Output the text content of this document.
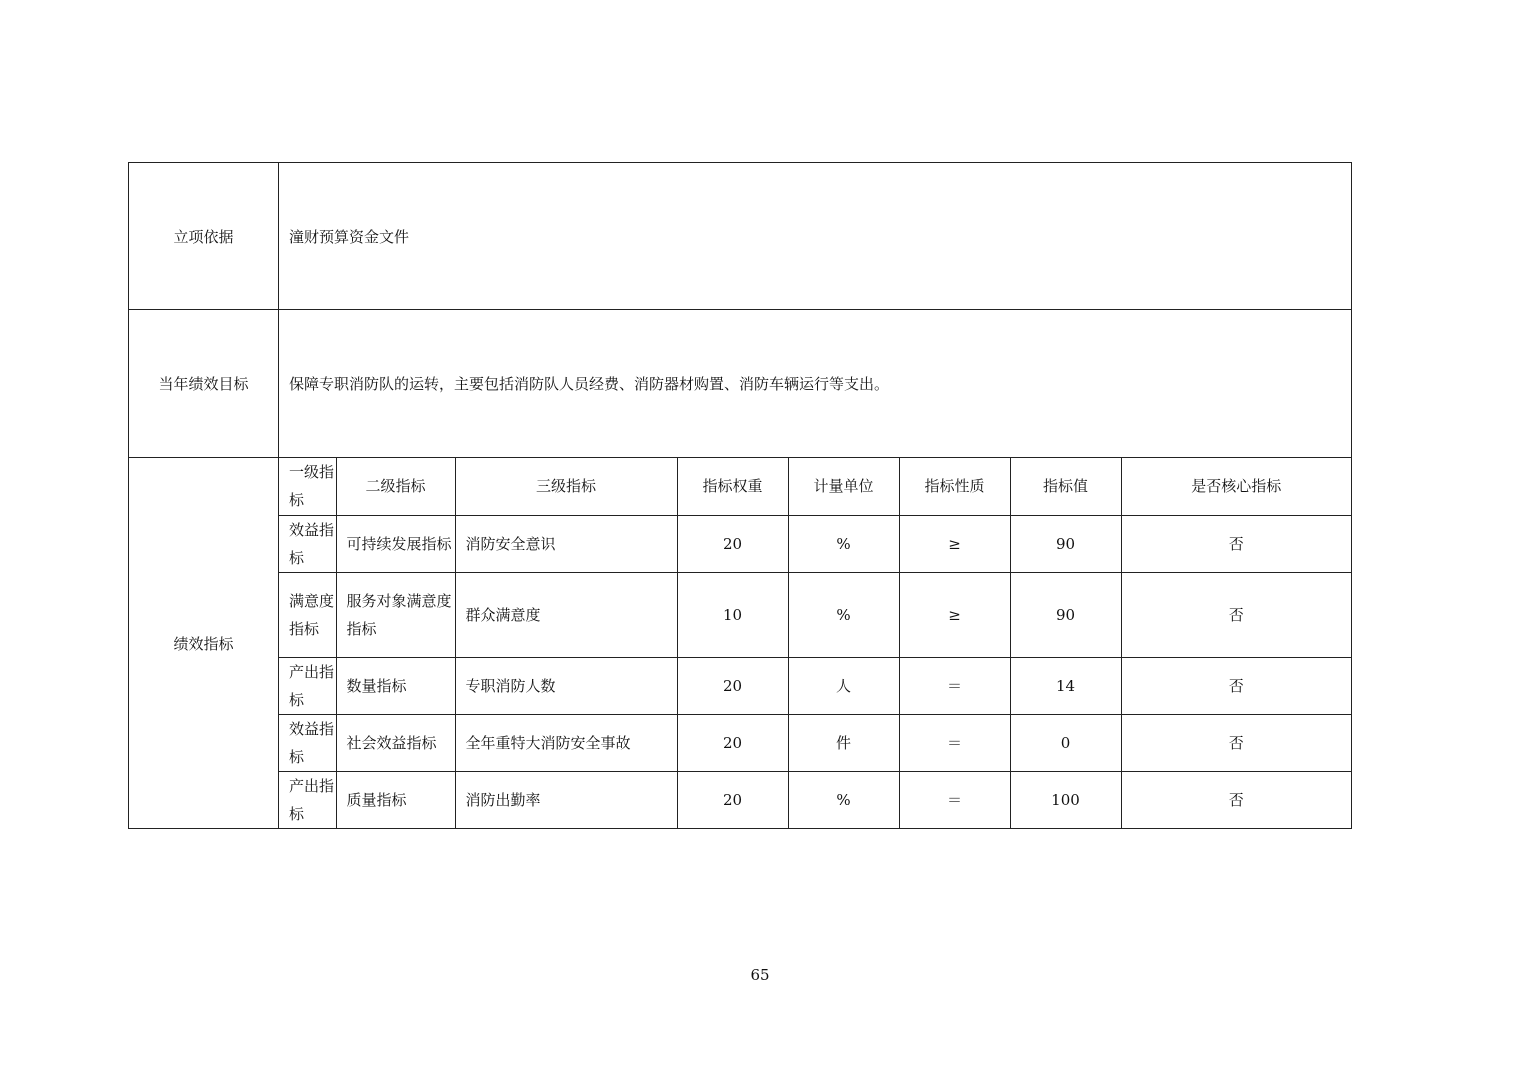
立项依据	潼财预算资金文件
当年绩效目标	保障专职消防队的运转，主要包括消防队人员经费、消防器材购置、消防车辆运行等支出。
绩效指标	
一级指标	二级指标	三级指标	指标权重	计量单位	指标性质	指标值	是否核心指标
效益指标	可持续发展指标	消防安全意识	20	%	≥	90	否
满意度指标	服务对象满意度指标	群众满意度	10	%	≥	90	否
产出指标	数量指标	专职消防人数	20	人	＝	14	否
效益指标	社会效益指标	全年重特大消防安全事故	20	件	＝	0	否
产出指标	质量指标	消防出勤率	20	%	＝	100	否
65
